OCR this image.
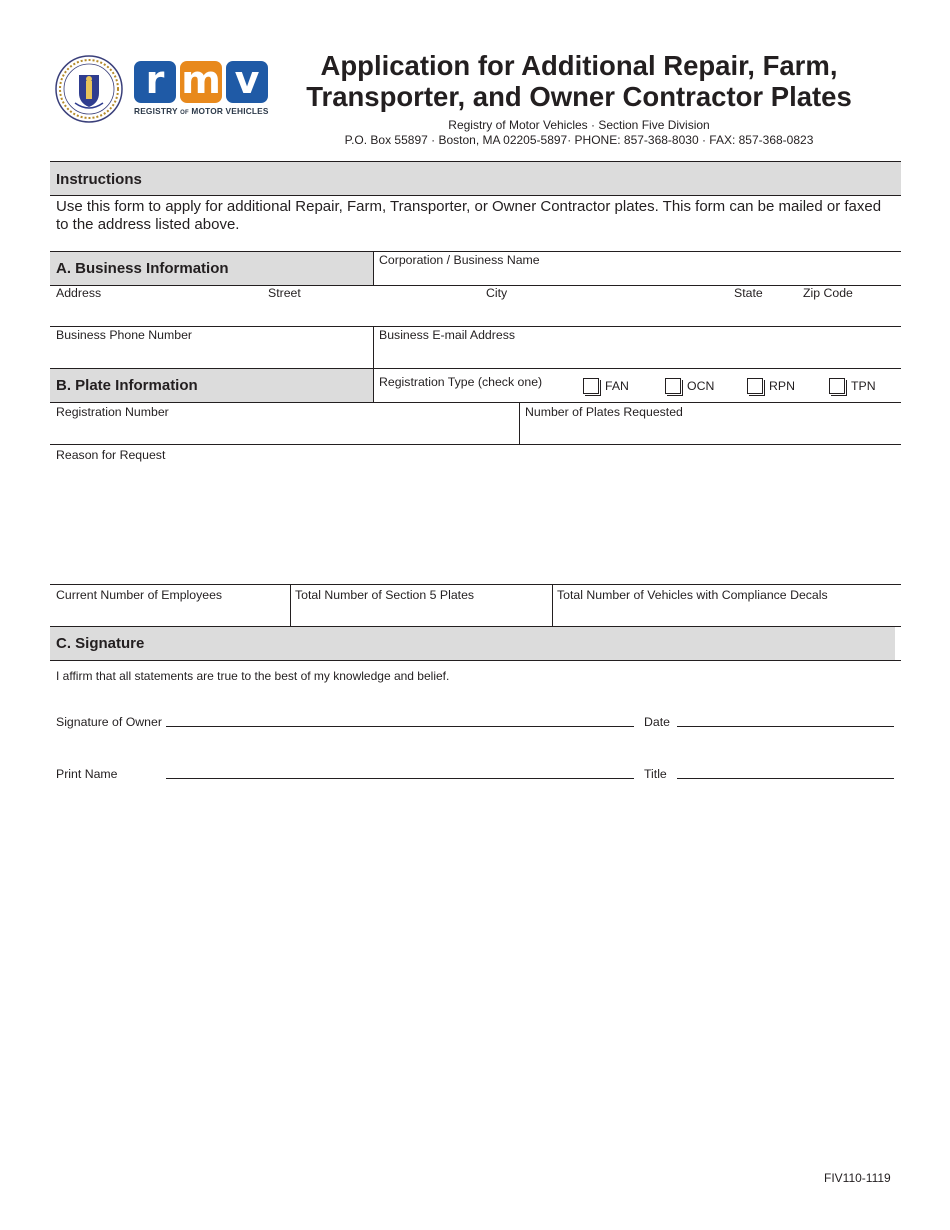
r m v
REGISTRY OF MOTOR VEHICLES
Application for Additional Repair, Farm,
Transporter, and Owner Contractor Plates
Registry of Motor Vehicles · Section Five Division
P.O. Box 55897 · Boston, MA 02205-5897· PHONE: 857-368-8030 · FAX: 857-368-0823
Instructions
Use this form to apply for additional Repair, Farm, Transporter, or Owner Contractor plates. This form can be mailed or faxed to the address listed above.
A. Business Information	Corporation / Business Name
Address	Street	City	State	Zip Code
Business Phone Number	Business E-mail Address
B. Plate Information	Registration Type (check one)	FAN	OCN	RPN	TPN
Registration Number	Number of Plates Requested
Reason for Request
Current Number of Employees	Total Number of Section 5 Plates	Total Number of Vehicles with Compliance Decals
C. Signature
I affirm that all statements are true to the best of my knowledge and belief.
Signature of Owner	Date
Print Name	Title
FIV110-1119
